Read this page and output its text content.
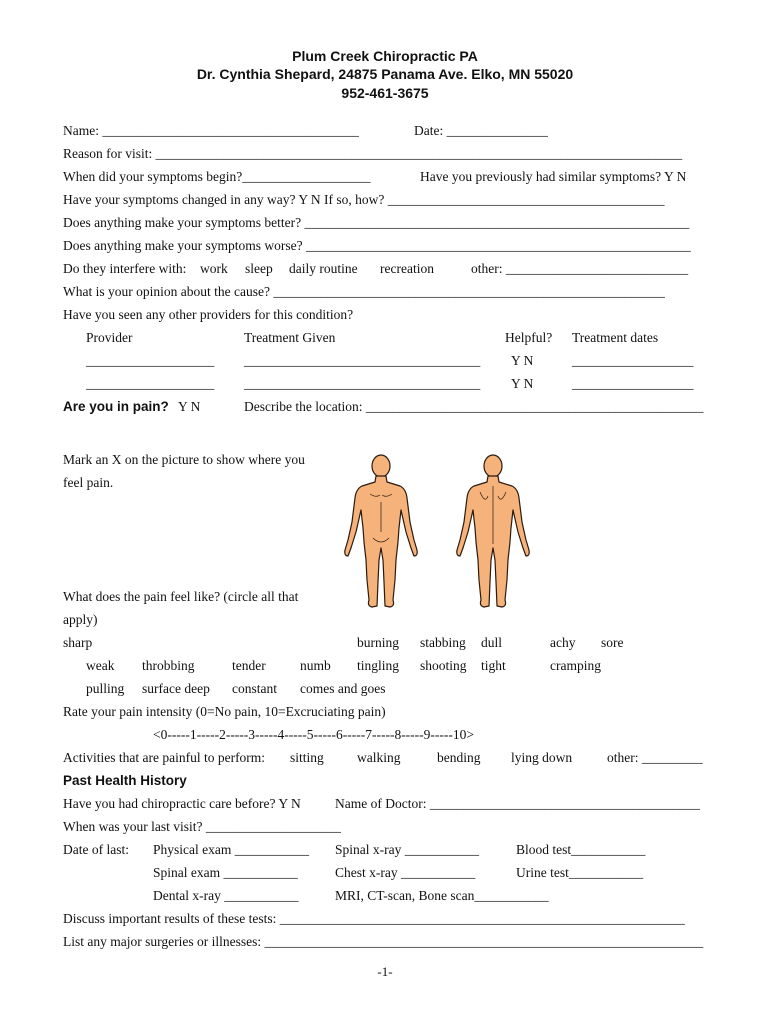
Plum Creek Chiropractic PA
Dr. Cynthia Shepard, 24875 Panama Ave. Elko, MN 55020
952-461-3675
Name: ______________________________________	Date: _______________
Reason for visit: ______________________________________________________________________________
When did your symptoms begin?___________________	Have you previously had similar symptoms? Y N
Have your symptoms changed in any way? Y N If so, how? _________________________________________
Does anything make your symptoms better? _________________________________________________________
Does anything make your symptoms worse? _________________________________________________________
Do they interfere with: work sleep daily routine recreation	other: ___________________________
What is your opinion about the cause? __________________________________________________________
Have you seen any other providers for this condition?
Provider	Treatment Given	Helpful? Treatment dates
___________________ ___________________________________ Y N	__________________
___________________ ___________________________________ Y N	__________________
Are you in pain? Y N	Describe the location: __________________________________________________
Mark an X on the picture to show where you
feel pain.
What does the pain feel like? (circle all that
apply)
sharp	burning stabbing dull	achy sore
weak throbbing	tender	numb tingling shooting tight	cramping
pulling surface deep constant comes and goes
Rate your pain intensity (0=No pain, 10=Excruciating pain)
<0-----1-----2-----3-----4-----5-----6-----7-----8-----9-----10>
Activities that are painful to perform: sitting walking	bending lying down	other: _________
Past Health History
Have you had chiropractic care before? Y N	Name of Doctor: ________________________________________
When was your last visit? ____________________
Date of last: Physical exam ___________ Spinal x-ray ___________	Blood test___________
Spinal exam ___________	Chest x-ray ___________	Urine test___________
Dental x-ray ___________	MRI, CT-scan, Bone scan___________
Discuss important results of these tests: ____________________________________________________________
List any major surgeries or illnesses: _________________________________________________________________
-1-
